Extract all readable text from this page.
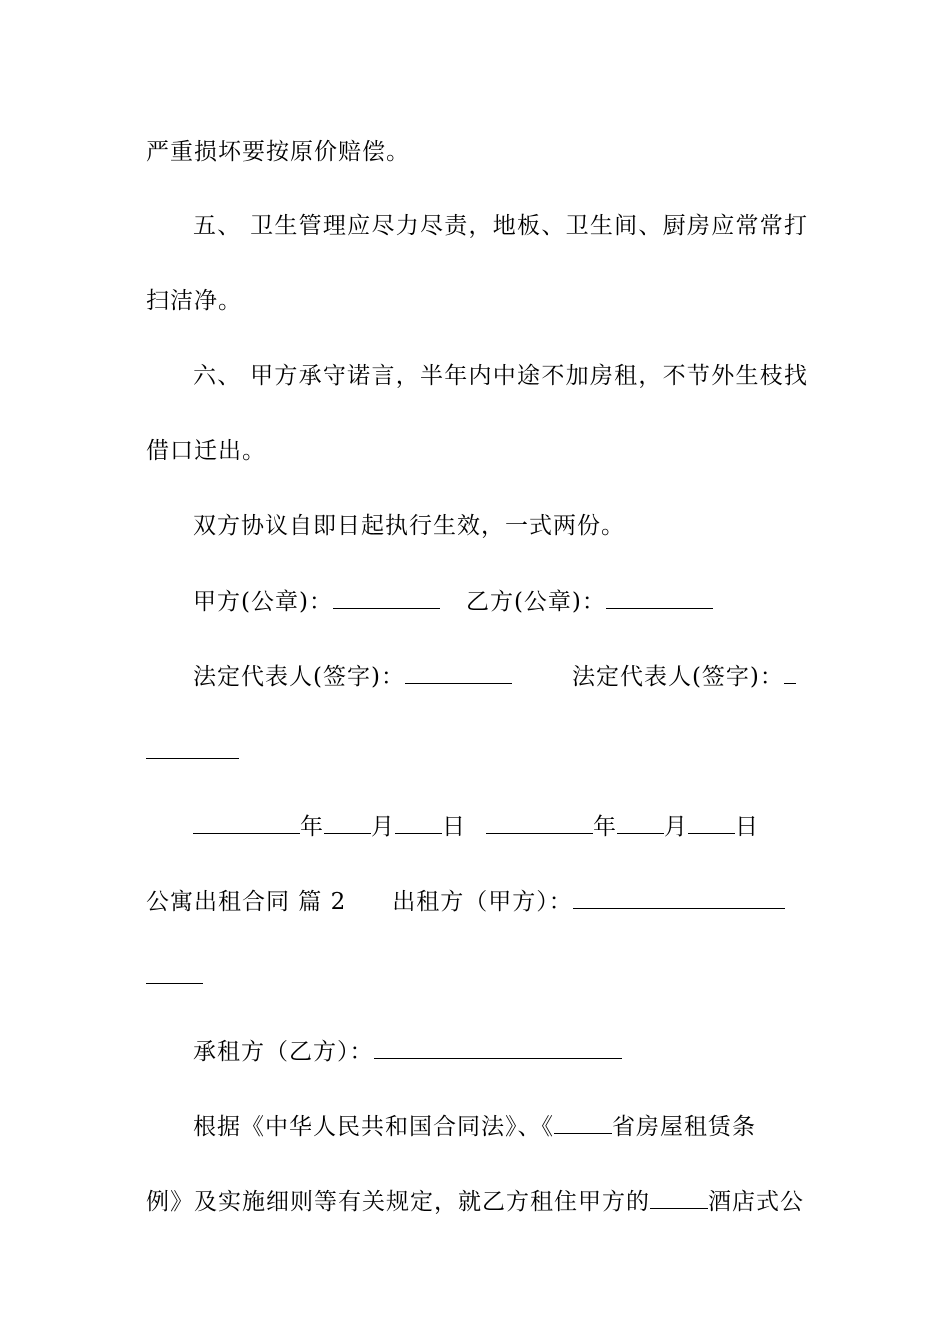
严重损坏要按原价赔偿。
五、 卫生管理应尽力尽责，地板、卫生间、厨房应常常打
扫洁净。
六、 甲方承守诺言，半年内中途不加房租，不节外生枝找
借口迁出。
双方协议自即日起执行生效，一式两份。
甲方(公章)：	乙方(公章)：
法定代表人(签字)：	法定代表人(签字)：
年 月 日	年 月 日
公寓出租合同 篇 2 出租方（甲方）：
承租方（乙方）：
根据《中华人民共和国合同法》、《	省房屋租赁条
例》及实施细则等有关规定，就乙方租住甲方的	酒店式公
